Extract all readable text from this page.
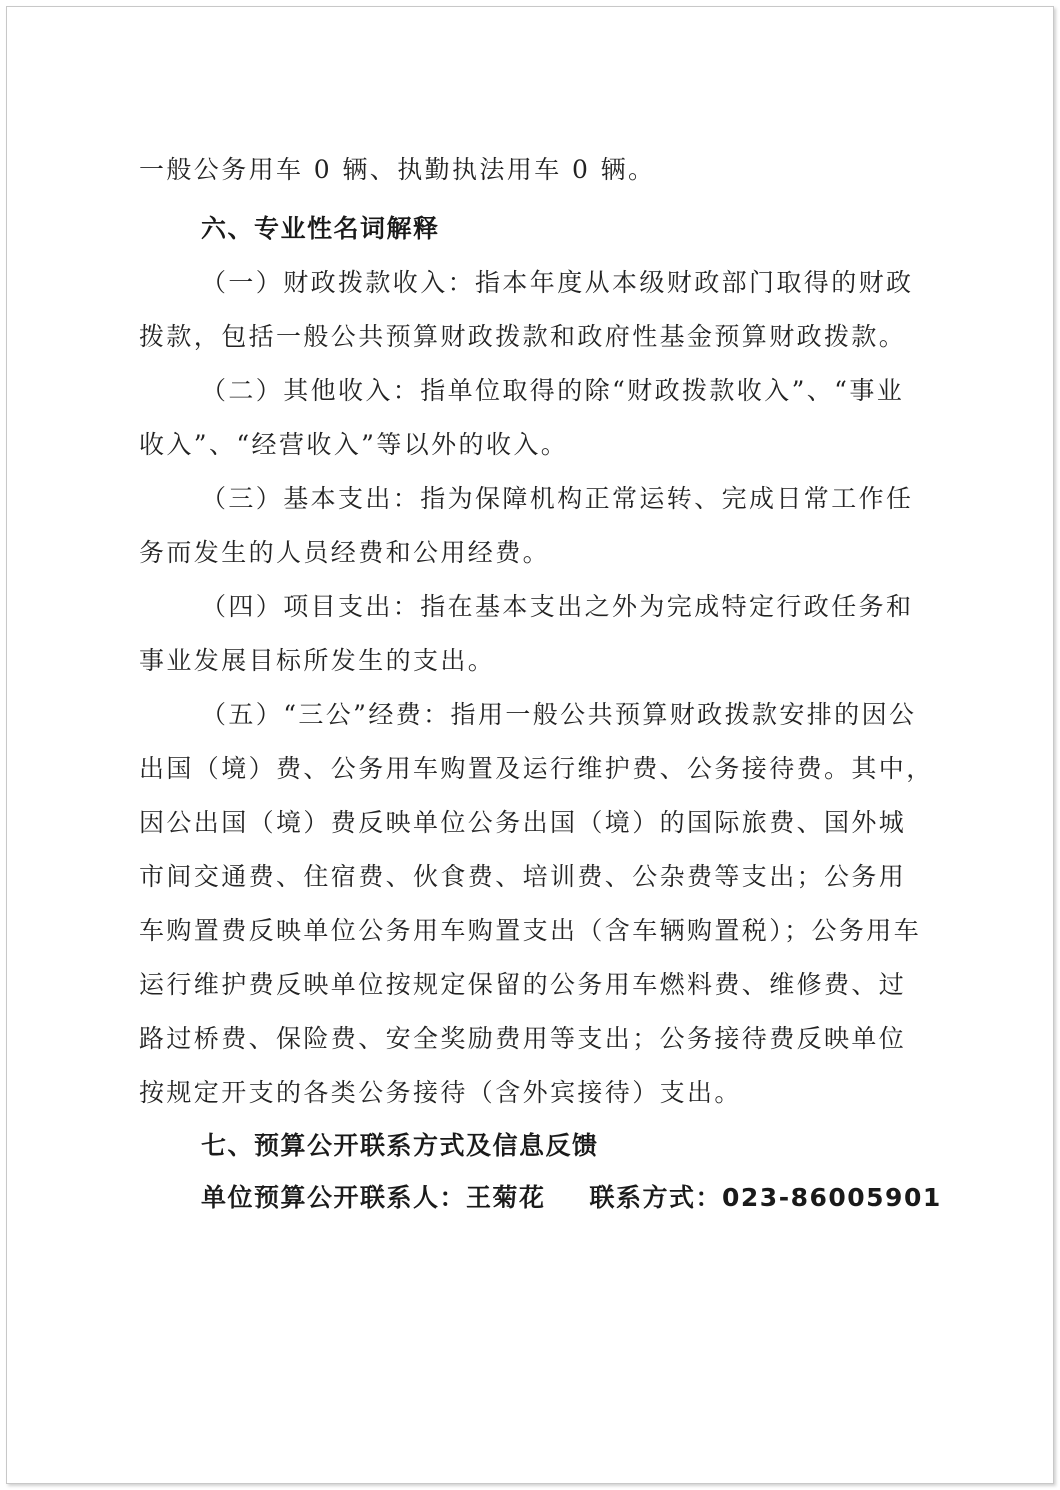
一般公务用车 0 辆、执勤执法用车 0 辆。
六、专业性名词解释
（一）财政拨款收入：指本年度从本级财政部门取得的财政
拨款，包括一般公共预算财政拨款和政府性基金预算财政拨款。
（二）其他收入：指单位取得的除“财政拨款收入”、“事业
收入”、“经营收入”等以外的收入。
（三）基本支出：指为保障机构正常运转、完成日常工作任
务而发生的人员经费和公用经费。
（四）项目支出：指在基本支出之外为完成特定行政任务和
事业发展目标所发生的支出。
（五）“三公”经费：指用一般公共预算财政拨款安排的因公
出国（境）费、公务用车购置及运行维护费、公务接待费。其中，
因公出国（境）费反映单位公务出国（境）的国际旅费、国外城
市间交通费、住宿费、伙食费、培训费、公杂费等支出；公务用
车购置费反映单位公务用车购置支出（含车辆购置税）；公务用车
运行维护费反映单位按规定保留的公务用车燃料费、维修费、过
路过桥费、保险费、安全奖励费用等支出；公务接待费反映单位
按规定开支的各类公务接待（含外宾接待）支出。
七、预算公开联系方式及信息反馈
单位预算公开联系人：王菊花 联系方式：023-86005901
